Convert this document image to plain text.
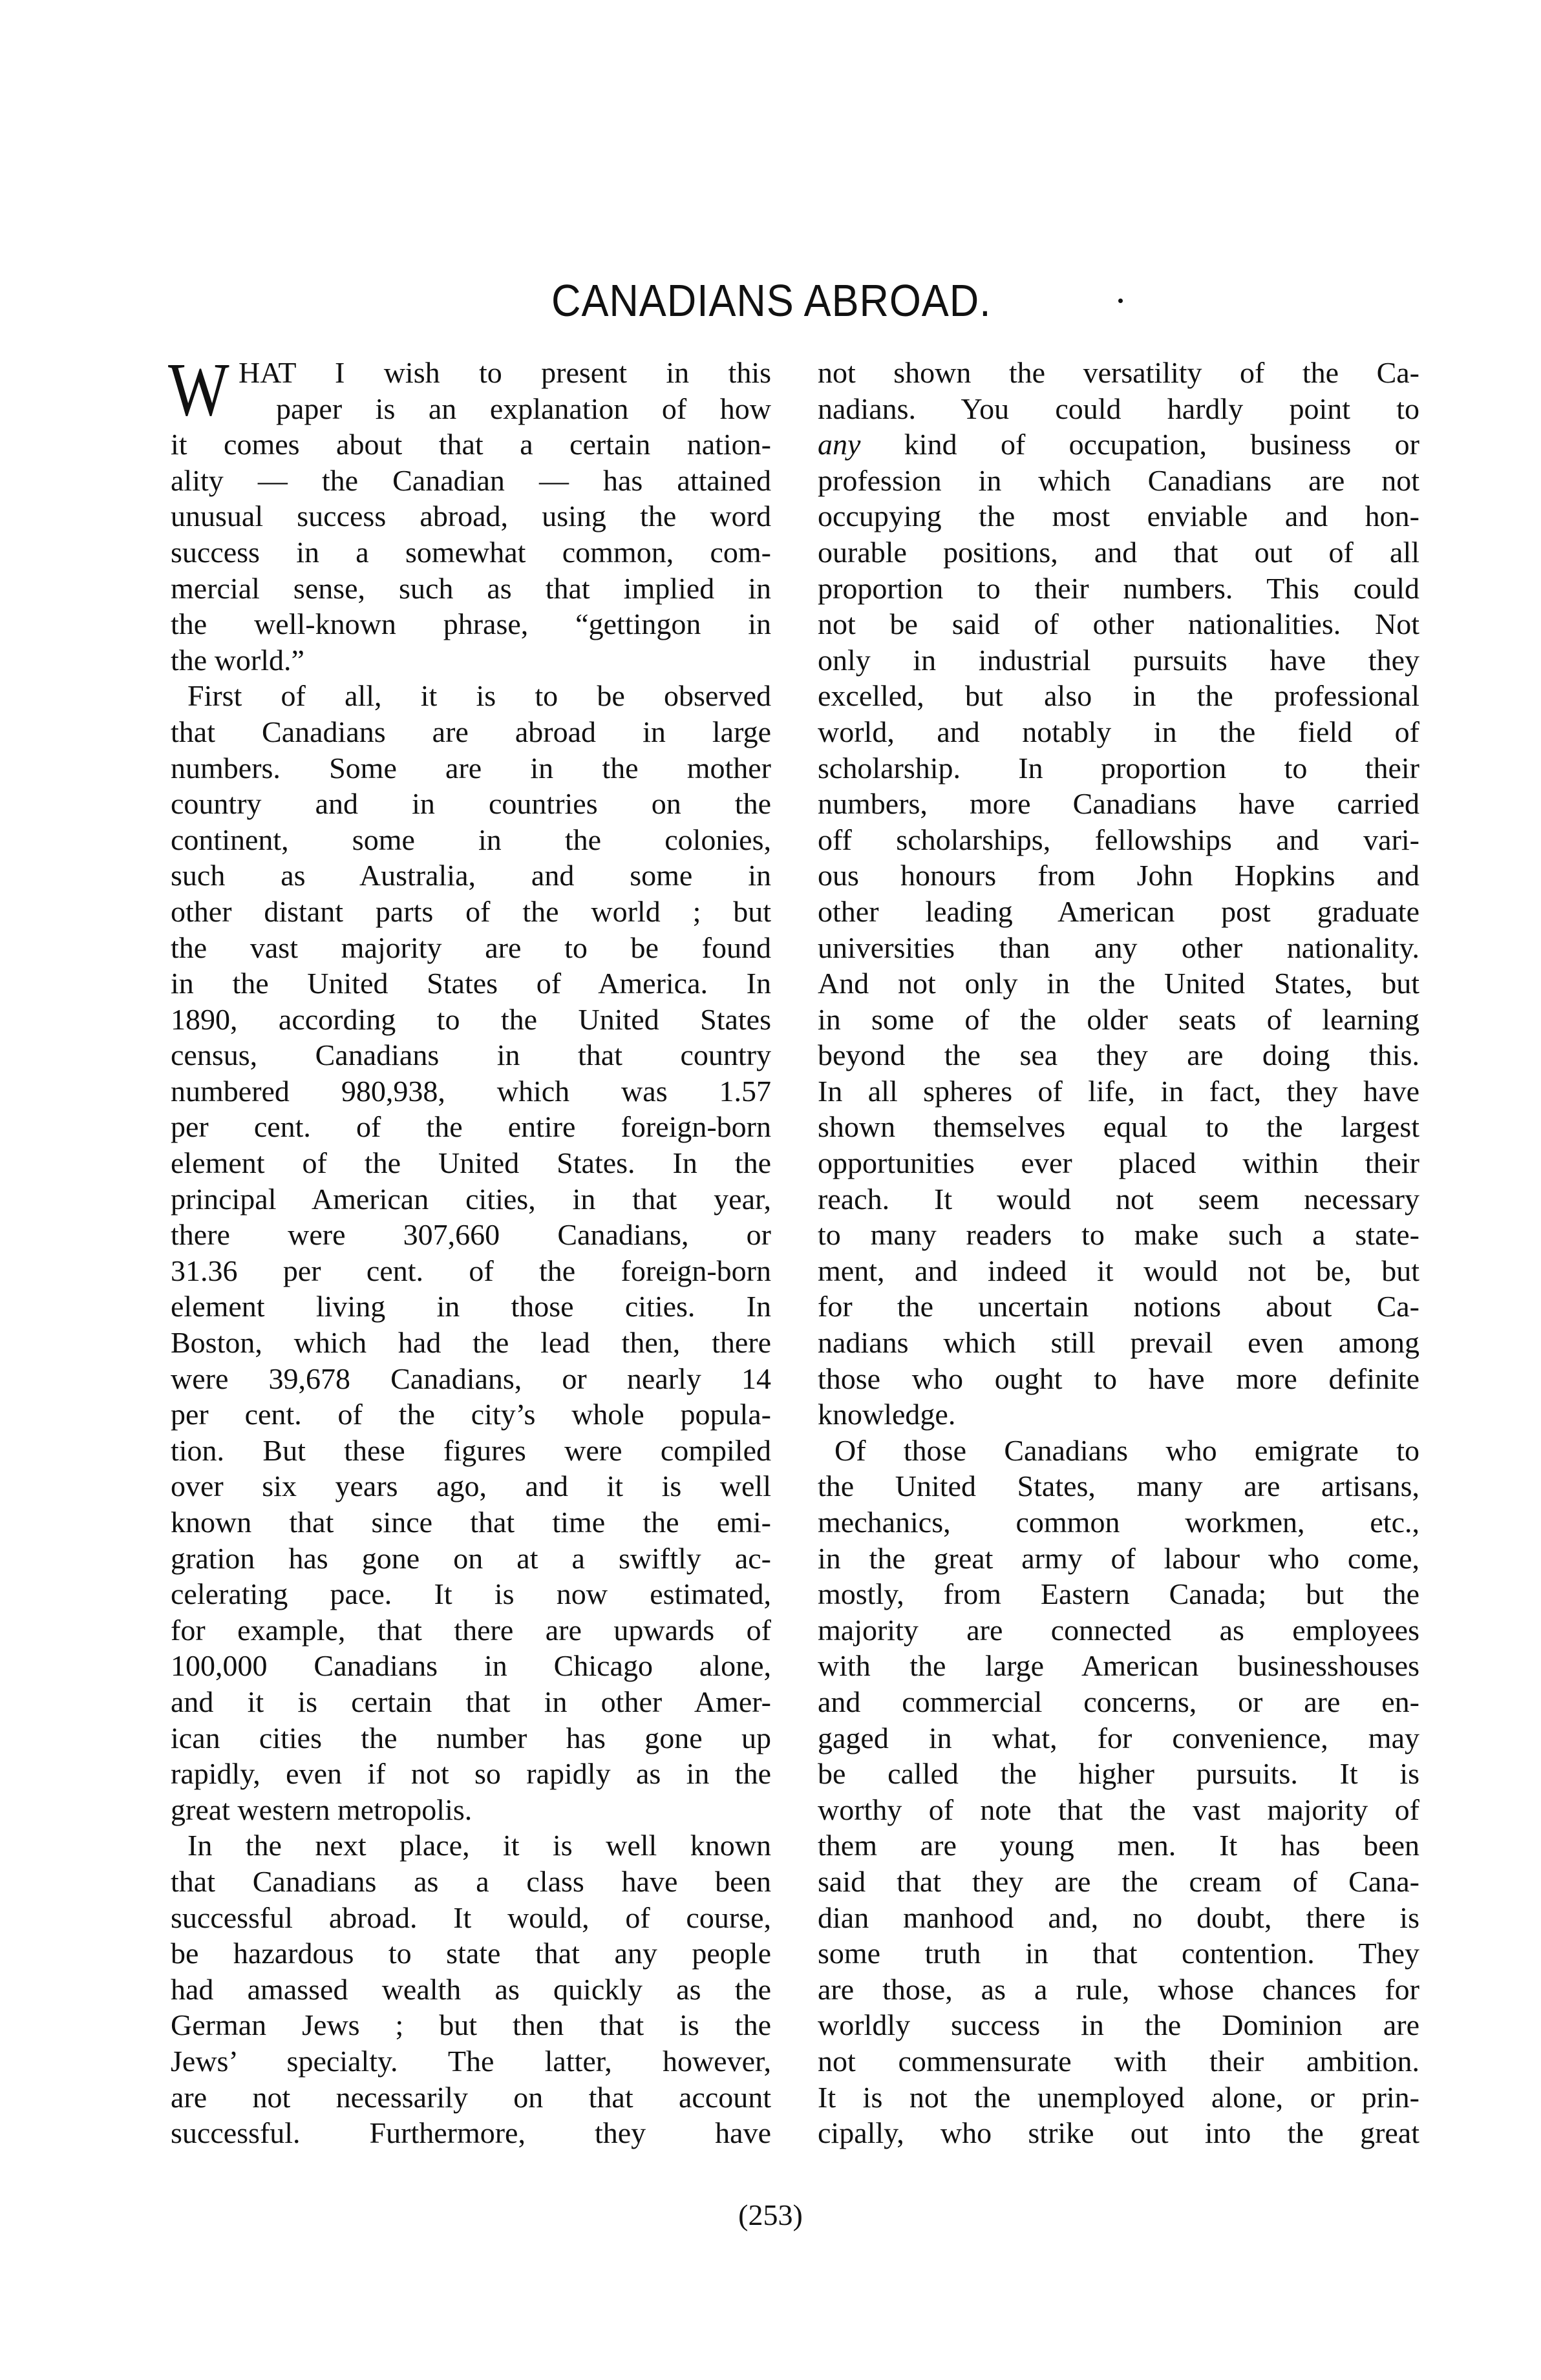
CANADIANS ABROAD.
W HAT I wish to present in this
paper is an explanation of how
it comes about that a certain nation-
ality — the Canadian — has attained
unusual success abroad, using the word
success in a somewhat common, com-
mercial sense, such as that implied in
the well-known phrase, “gettingon in
the world.”
First of all, it is to be observed
that Canadians are abroad in large
numbers. Some are in the mother
country and in countries on the
continent, some in the colonies,
such as Australia, and some in
other distant parts of the world ; but
the vast majority are to be found
in the United States of America. In
1890, according to the United States
census, Canadians in that country
numbered 980,938, which was 1.57
per cent. of the entire foreign-born
element of the United States. In the
principal American cities, in that year,
there were 307,660 Canadians, or
31.36 per cent. of the foreign-born
element living in those cities. In
Boston, which had the lead then, there
were 39,678 Canadians, or nearly 14
per cent. of the city’s whole popula-
tion. But these figures were compiled
over six years ago, and it is well
known that since that time the emi-
gration has gone on at a swiftly ac-
celerating pace. It is now estimated,
for example, that there are upwards of
100,000 Canadians in Chicago alone,
and it is certain that in other Amer-
ican cities the number has gone up
rapidly, even if not so rapidly as in the
great western metropolis.
In the next place, it is well known
that Canadians as a class have been
successful abroad. It would, of course,
be hazardous to state that any people
had amassed wealth as quickly as the
German Jews ; but then that is the
Jews’ specialty. The latter, however,
are not necessarily on that account
successful. Furthermore, they have
not shown the versatility of the Ca-
nadians. You could hardly point to
any kind of occupation, business or
profession in which Canadians are not
occupying the most enviable and hon-
ourable positions, and that out of all
proportion to their numbers. This could
not be said of other nationalities. Not
only in industrial pursuits have they
excelled, but also in the professional
world, and notably in the field of
scholarship. In proportion to their
numbers, more Canadians have carried
off scholarships, fellowships and vari-
ous honours from John Hopkins and
other leading American post graduate
universities than any other nationality.
And not only in the United States, but
in some of the older seats of learning
beyond the sea they are doing this.
In all spheres of life, in fact, they have
shown themselves equal to the largest
opportunities ever placed within their
reach. It would not seem necessary
to many readers to make such a state-
ment, and indeed it would not be, but
for the uncertain notions about Ca-
nadians which still prevail even among
those who ought to have more definite
knowledge.
Of those Canadians who emigrate to
the United States, many are artisans,
mechanics, common workmen, etc.,
in the great army of labour who come,
mostly, from Eastern Canada; but the
majority are connected as employees
with the large American businesshouses
and commercial concerns, or are en-
gaged in what, for convenience, may
be called the higher pursuits. It is
worthy of note that the vast majority of
them are young men. It has been
said that they are the cream of Cana-
dian manhood and, no doubt, there is
some truth in that contention. They
are those, as a rule, whose chances for
worldly success in the Dominion are
not commensurate with their ambition.
It is not the unemployed alone, or prin-
cipally, who strike out into the great
(253)
